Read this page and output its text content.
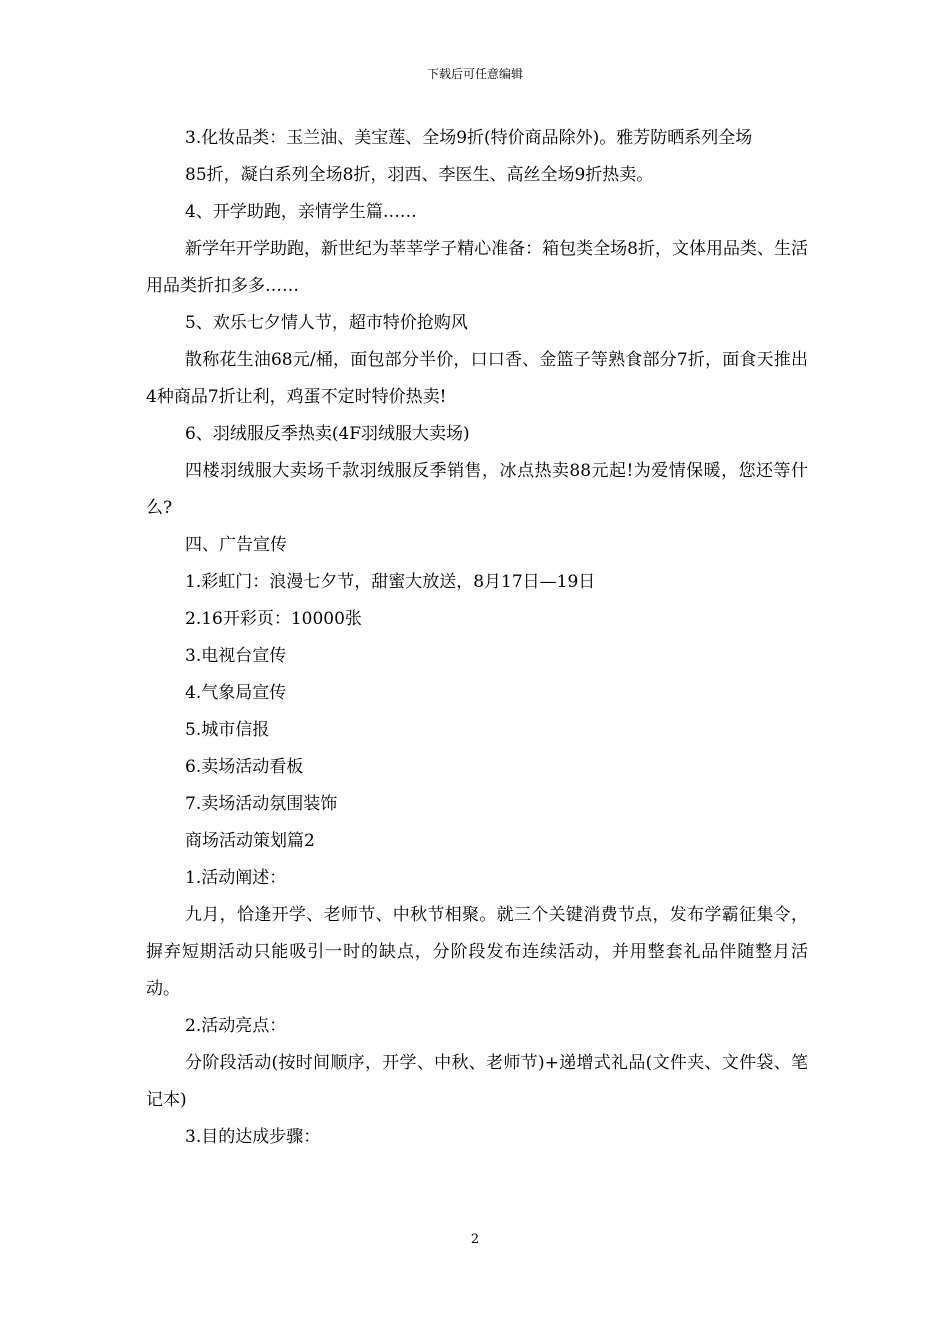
下载后可任意编辑

3.化妆品类：玉兰油、美宝莲、全场9折(特价商品除外)。雅芳防晒系列全场

85折，凝白系列全场8折，羽西、李医生、高丝全场9折热卖。

4、开学助跑，亲情学生篇……

新学年开学助跑，新世纪为莘莘学子精心准备：箱包类全场8折，文体用品类、生活用品类折扣多多……

5、欢乐七夕情人节，超市特价抢购风

散称花生油68元/桶，面包部分半价，口口香、金篮子等熟食部分7折，面食天推出4种商品7折让利，鸡蛋不定时特价热卖!

6、羽绒服反季热卖(4F羽绒服大卖场)

四楼羽绒服大卖场千款羽绒服反季销售，冰点热卖88元起!为爱情保暖，您还等什么?

四、广告宣传

1.彩虹门：浪漫七夕节，甜蜜大放送，8月17日—19日

2.16开彩页：10000张

3.电视台宣传

4.气象局宣传

5.城市信报

6.卖场活动看板

7.卖场活动氛围装饰

商场活动策划篇2

1.活动阐述：

九月，恰逢开学、老师节、中秋节相聚。就三个关键消费节点，发布学霸征集令，摒弃短期活动只能吸引一时的缺点，分阶段发布连续活动，并用整套礼品伴随整月活动。

2.活动亮点：

分阶段活动(按时间顺序，开学、中秋、老师节)+递增式礼品(文件夹、文件袋、笔记本)

3.目的达成步骤：

2
